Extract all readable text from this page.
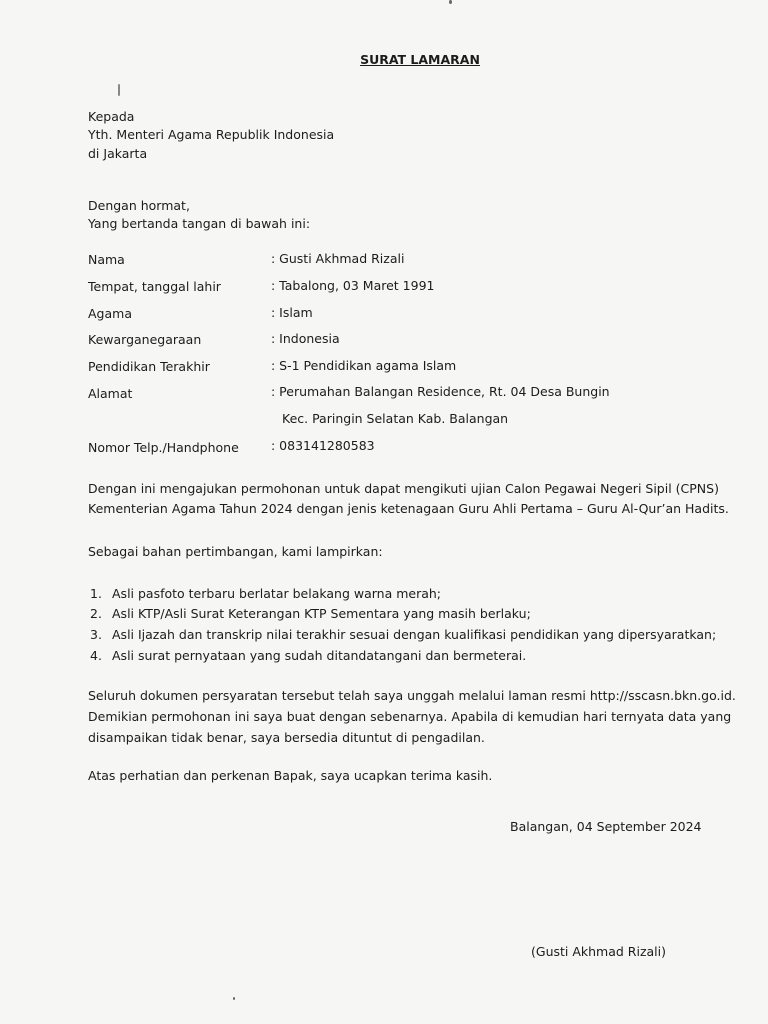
SURAT LAMARAN
Kepada
Yth. Menteri Agama Republik Indonesia
di Jakarta
Dengan hormat,
Yang bertanda tangan di bawah ini:
Nama	: Gusti Akhmad Rizali
Tempat, tanggal lahir	: Tabalong, 03 Maret 1991
Agama	: Islam
Kewarganegaraan	: Indonesia
Pendidikan Terakhir	: S-1 Pendidikan agama Islam
Alamat	: Perumahan Balangan Residence, Rt. 04 Desa Bungin
Kec. Paringin Selatan Kab. Balangan
Nomor Telp./Handphone	: 083141280583
Dengan ini mengajukan permohonan untuk dapat mengikuti ujian Calon Pegawai Negeri Sipil (CPNS)
Kementerian Agama Tahun 2024 dengan jenis ketenagaan Guru Ahli Pertama – Guru Al-Qur’an Hadits.
Sebagai bahan pertimbangan, kami lampirkan:
1. Asli pasfoto terbaru berlatar belakang warna merah;
2. Asli KTP/Asli Surat Keterangan KTP Sementara yang masih berlaku;
3. Asli Ijazah dan transkrip nilai terakhir sesuai dengan kualifikasi pendidikan yang dipersyaratkan;
4. Asli surat pernyataan yang sudah ditandatangani dan bermeterai.
Seluruh dokumen persyaratan tersebut telah saya unggah melalui laman resmi http://sscasn.bkn.go.id.
Demikian permohonan ini saya buat dengan sebenarnya. Apabila di kemudian hari ternyata data yang
disampaikan tidak benar, saya bersedia dituntut di pengadilan.
Atas perhatian dan perkenan Bapak, saya ucapkan terima kasih.
Balangan, 04 September 2024
(Gusti Akhmad Rizali)
